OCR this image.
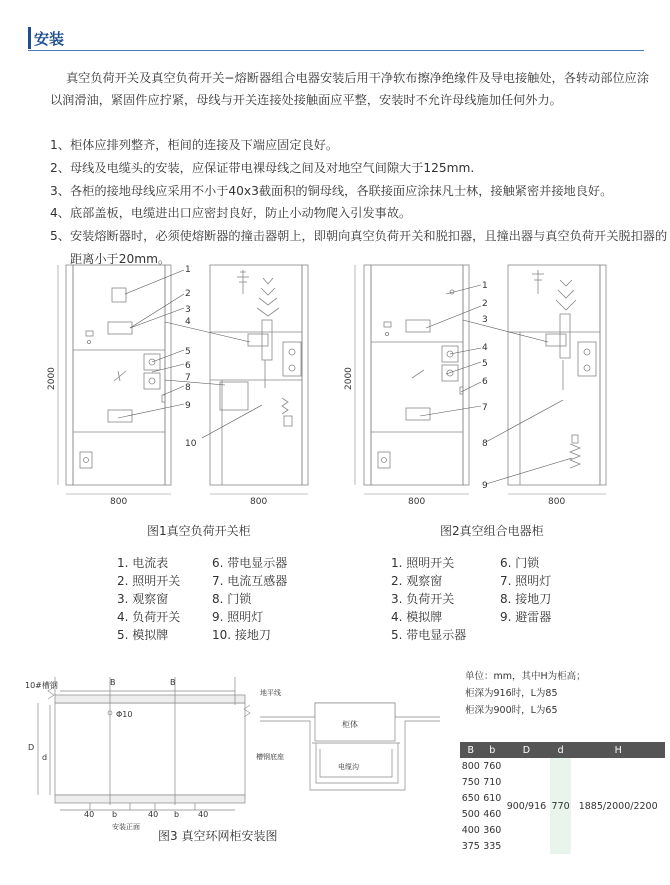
安装
真空负荷开关及真空负荷开关−熔断器组合电器安装后用干净软布擦净绝缘件及导电接触处，各转动部位应涂以润滑油，紧固件应拧紧，母线与开关连接处接触面应平整，安装时不允许母线施加任何外力。
1、柜体应排列整齐，柜间的连接及下端应固定良好。
2、母线及电缆头的安装，应保证带电裸母线之间及对地空气间隙大于125mm.
3、各柜的接地母线应采用不小于40x3截面积的铜母线，各联接面应涂抹凡士林，接触紧密并接地良好。
4、底部盖板，电缆进出口应密封良好，防止小动物爬入引发事故。
5、安装熔断器时，必须使熔断器的撞击器朝上，即朝向真空负荷开关和脱扣器，且撞出器与真空负荷开关脱扣器的
距离小于20mm。
1
2
3
4
5
6
7
8
9
10
1
2
3
4
5
6
7
8
9
2000	2000
800	800	800	800
图1真空负荷开关柜	图2真空组合电器柜
1. 电流表
2. 照明开关
3. 观察窗
4. 负荷开关
5. 模拟牌
6. 带电显示器
7. 电流互感器
8. 门锁
9. 照明灯
10. 接地刀
1. 照明开关
2. 观察窗
3. 负荷开关
4. 模拟牌
5. 带电显示器
6. 门锁
7. 照明灯
8. 接地刀
9. 避雷器
10#槽钢	B	B
Φ10
D
d
40 b	40 b 40
安装正面
地平线
柜体
槽钢底座
电缆沟
图3 真空环网柜安装图
单位：mm，其中H为柜高；
柜深为916时，L为85
柜深为900时，L为65
B	b	D	d	H
800	760	900/916	770	1885/2000/2200
750	710			
650	610			
500	460			
400	360			
375	335			
